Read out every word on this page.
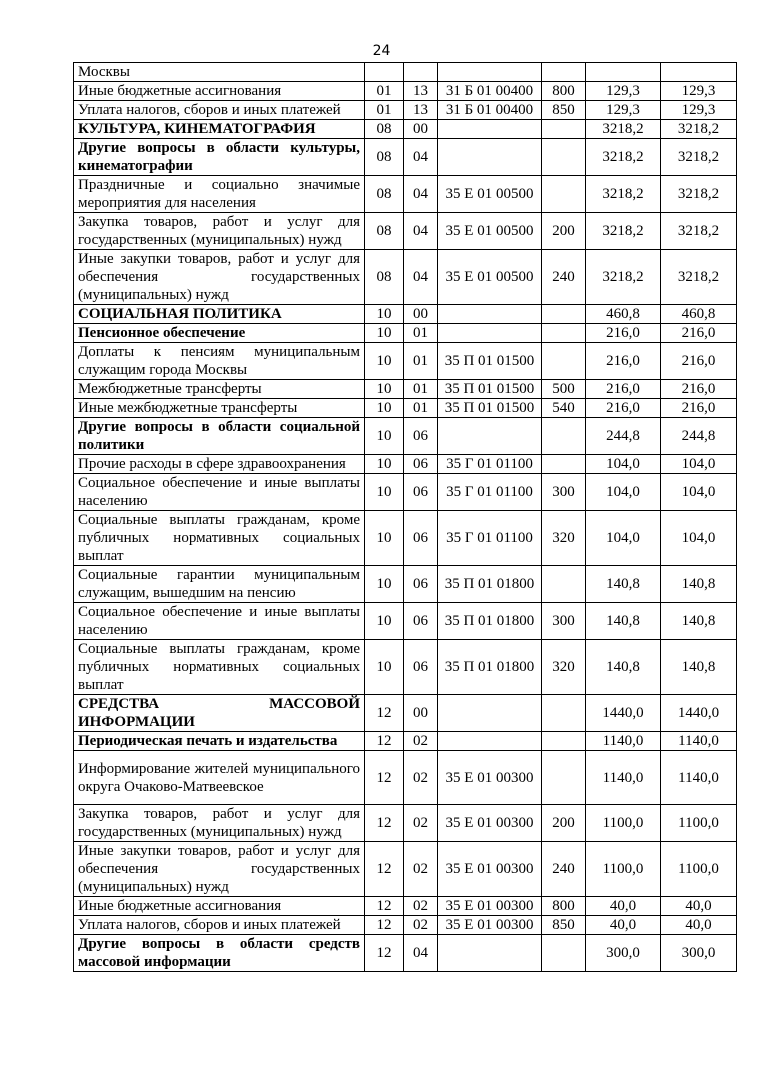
24
Москвы						
Иные бюджетные ассигнования	01	13	31 Б 01 00400	800	129,3	129,3
Уплата налогов, сборов и иных платежей	01	13	31 Б 01 00400	850	129,3	129,3
КУЛЬТУРА, КИНЕМАТОГРАФИЯ	08	00			3218,2	3218,2
Другие вопросы в области культуры, кинематографии	08	04			3218,2	3218,2
Праздничные и социально значимые мероприятия для населения	08	04	35 Е 01 00500		3218,2	3218,2
Закупка товаров, работ и услуг для государственных (муниципальных) нужд	08	04	35 Е 01 00500	200	3218,2	3218,2
Иные закупки товаров, работ и услуг для обеспечения государственных (муниципальных) нужд	08	04	35 Е 01 00500	240	3218,2	3218,2
СОЦИАЛЬНАЯ ПОЛИТИКА	10	00			460,8	460,8
Пенсионное обеспечение	10	01			216,0	216,0
Доплаты к пенсиям муниципальным служащим города Москвы	10	01	35 П 01 01500		216,0	216,0
Межбюджетные трансферты	10	01	35 П 01 01500	500	216,0	216,0
Иные межбюджетные трансферты	10	01	35 П 01 01500	540	216,0	216,0
Другие вопросы в области социальной политики	10	06			244,8	244,8
Прочие расходы в сфере здравоохранения	10	06	35 Г 01 01100		104,0	104,0
Социальное обеспечение и иные выплаты населению	10	06	35 Г 01 01100	300	104,0	104,0
Социальные выплаты гражданам, кроме публичных нормативных социальных выплат	10	06	35 Г 01 01100	320	104,0	104,0
Социальные гарантии муниципальным служащим, вышедшим на пенсию	10	06	35 П 01 01800		140,8	140,8
Социальное обеспечение и иные выплаты населению	10	06	35 П 01 01800	300	140,8	140,8
Социальные выплаты гражданам, кроме публичных нормативных социальных выплат	10	06	35 П 01 01800	320	140,8	140,8
СРЕДСТВА МАССОВОЙ ИНФОРМАЦИИ	12	00			1440,0	1440,0
Периодическая печать и издательства	12	02			1140,0	1140,0
Информирование жителей муниципального округа Очаково-Матвеевское	12	02	35 Е 01 00300		1140,0	1140,0
Закупка товаров, работ и услуг для государственных (муниципальных) нужд	12	02	35 Е 01 00300	200	1100,0	1100,0
Иные закупки товаров, работ и услуг для обеспечения государственных (муниципальных) нужд	12	02	35 Е 01 00300	240	1100,0	1100,0
Иные бюджетные ассигнования	12	02	35 Е 01 00300	800	40,0	40,0
Уплата налогов, сборов и иных платежей	12	02	35 Е 01 00300	850	40,0	40,0
Другие вопросы в области средств массовой информации	12	04			300,0	300,0
